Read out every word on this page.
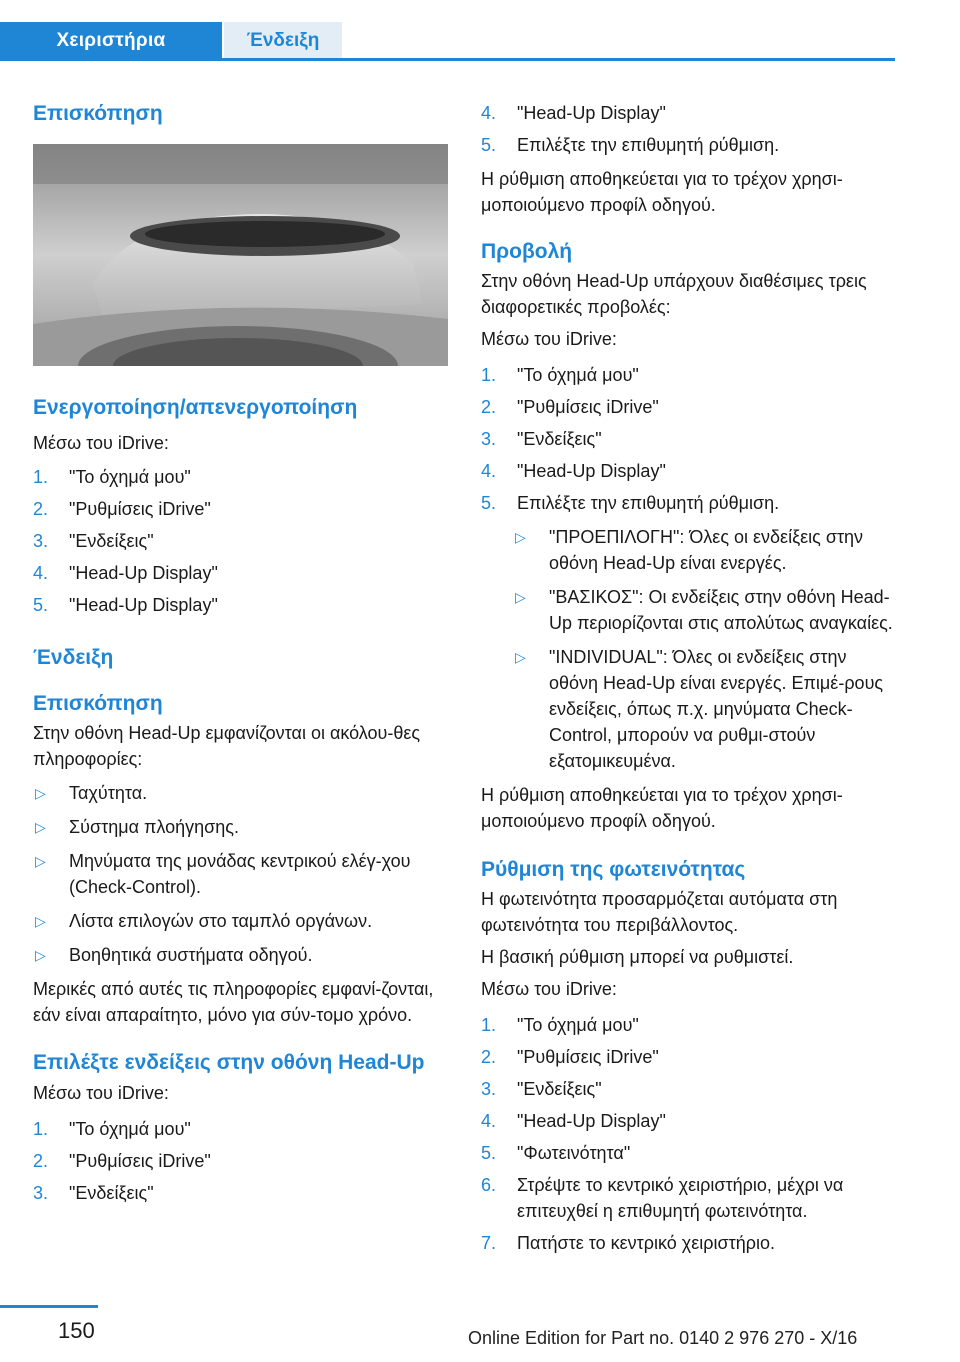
Χειριστήρια	Ένδειξη
Επισκόπηση
Ενεργοποίηση/απενεργοποίηση

Μέσω του iDrive:

1. "Το όχημά μου"
2. "Ρυθμίσεις iDrive"
3. "Ενδείξεις"
4. "Head-Up Display"
5. "Head-Up Display"
Ένδειξη
Επισκόπηση

Στην οθόνη Head-Up εμφανίζονται οι ακόλου-θες πληροφορίες:

▷ Ταχύτητα.
▷ Σύστημα πλοήγησης.
▷ Μηνύματα της μονάδας κεντρικού ελέγ-χου (Check-Control).
▷ Λίστα επιλογών στο ταμπλό οργάνων.
▷ Βοηθητικά συστήματα οδηγού.

Μερικές από αυτές τις πληροφορίες εμφανί-ζονται, εάν είναι απαραίτητο, μόνο για σύν-τομο χρόνο.

Επιλέξτε ενδείξεις στην οθόνη Head-Up

Μέσω του iDrive:

1. "Το όχημά μου"
2. "Ρυθμίσεις iDrive"
3. "Ενδείξεις"
4. "Head-Up Display"
5. Επιλέξτε την επιθυμητή ρύθμιση.

Η ρύθμιση αποθηκεύεται για το τρέχον χρησι-μοποιούμενο προφίλ οδηγού.

Προβολή

Στην οθόνη Head-Up υπάρχουν διαθέσιμες τρεις διαφορετικές προβολές:

Μέσω του iDrive:

1. "Το όχημά μου"
2. "Ρυθμίσεις iDrive"
3. "Ενδείξεις"
4. "Head-Up Display"
5. Επιλέξτε την επιθυμητή ρύθμιση.
▷ "ΠΡΟΕΠΙΛΟΓΗ": Όλες οι ενδείξεις στην οθόνη Head-Up είναι ενεργές.
▷ "ΒΑΣΙΚΟΣ": Οι ενδείξεις στην οθόνη Head-Up περιορίζονται στις απολύτως αναγκαίες.
▷ "INDIVIDUAL": Όλες οι ενδείξεις στην οθόνη Head-Up είναι ενεργές. Επιμέ-ρους ενδείξεις, όπως π.χ. μηνύματα Check-Control, μπορούν να ρυθμι-στούν εξατομικευμένα.

Η ρύθμιση αποθηκεύεται για το τρέχον χρησι-μοποιούμενο προφίλ οδηγού.

Ρύθμιση της φωτεινότητας

Η φωτεινότητα προσαρμόζεται αυτόματα στη φωτεινότητα του περιβάλλοντος.

Η βασική ρύθμιση μπορεί να ρυθμιστεί.

Μέσω του iDrive:

1. "Το όχημά μου"
2. "Ρυθμίσεις iDrive"
3. "Ενδείξεις"
4. "Head-Up Display"
5. "Φωτεινότητα"
6. Στρέψτε το κεντρικό χειριστήριο, μέχρι να επιτευχθεί η επιθυμητή φωτεινότητα.
7. Πατήστε το κεντρικό χειριστήριο.
150	Online Edition for Part no. 0140 2 976 270 - X/16
